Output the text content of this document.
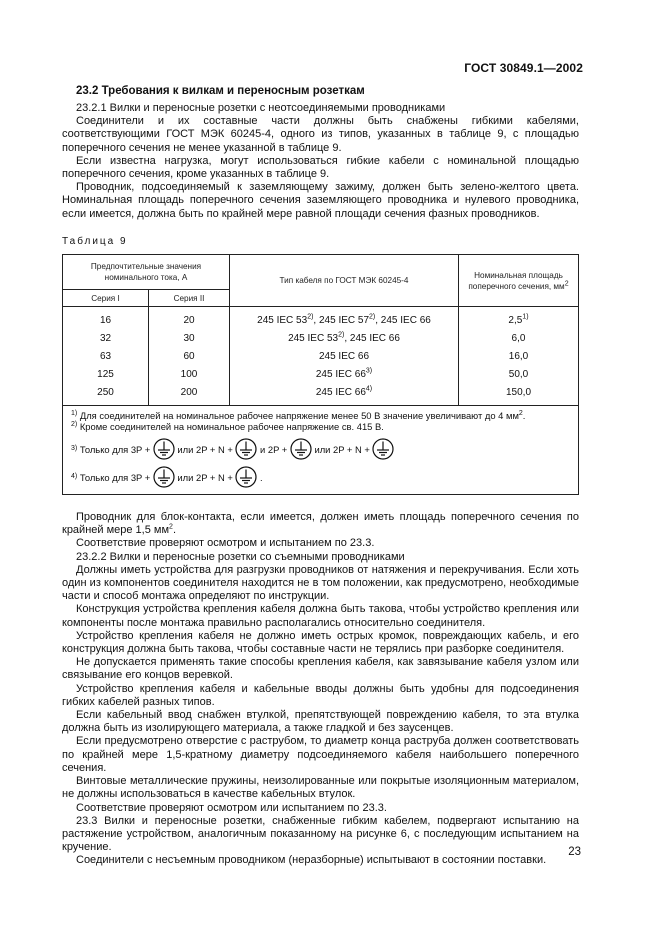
ГОСТ 30849.1—2002
23.2 Требования к вилкам и переносным розеткам

23.2.1 Вилки и переносные розетки с неотсоединяемыми проводниками

Соединители и их составные части должны быть снабжены гибкими кабелями, соответствующими ГОСТ МЭК 60245-4, одного из типов, указанных в таблице 9, с площадью поперечного сечения не менее указанной в таблице 9.

Если известна нагрузка, могут использоваться гибкие кабели с номинальной площадью поперечного сечения, кроме указанных в таблице 9.

Проводник, подсоединяемый к заземляющему зажиму, должен быть зелено-желтого цвета. Номинальная площадь поперечного сечения заземляющего проводника и нулевого проводника, если имеется, должна быть по крайней мере равной площади сечения фазных проводников.

Таблица 9
Предпочтительные значения номинального тока, А		Тип кабеля по ГОСТ МЭК 60245-4	Номинальная площадь поперечного сечения, $мм^2$
Серия I	Серия II		
16	20	245 IEC 53$^{2)}$, 245 IEC 57$^{2)}$, 245 IEC 66	2,5$^{1)}$
32	30	245 IEC 53$^{2)}$, 245 IEC 66	6,0
63	60	245 IEC 66	16,0
125	100	245 IEC 66$^{3)}$	50,0
250	200	245 IEC 66$^{4)}$	150,0
$^{1)}$ Для соединителей на номинальное рабочее напряжение менее 50 В значение увеличивают до 4 $мм^2$.
$^{2)}$ Кроме соединителей на номинальное рабочее напряжение св. 415 В.
3) Только для 3P + или 2P + N + и 2P + или 2P + N +
4) Только для 3P + или 2P + N + .

Проводник для блок-контакта, если имеется, должен иметь площадь поперечного сечения по крайней мере 1,5 $мм^2$.

Соответствие проверяют осмотром и испытанием по 23.3.

23.2.2 Вилки и переносные розетки со съемными проводниками

Должны иметь устройства для разгрузки проводников от натяжения и перекручивания. Если хоть один из компонентов соединителя находится не в том положении, как предусмотрено, необходимые части и способ монтажа определяют по инструкции.

Конструкция устройства крепления кабеля должна быть такова, чтобы устройство крепления или компоненты после монтажа правильно располагались относительно соединителя.

Устройство крепления кабеля не должно иметь острых кромок, повреждающих кабель, и его конструкция должна быть такова, чтобы составные части не терялись при разборке соединителя.

Не допускается применять такие способы крепления кабеля, как завязывание кабеля узлом или связывание его концов веревкой.

Устройство крепления кабеля и кабельные вводы должны быть удобны для подсоединения гибких кабелей разных типов.

Если кабельный ввод снабжен втулкой, препятствующей повреждению кабеля, то эта втулка должна быть из изолирующего материала, а также гладкой и без заусенцев.

Если предусмотрено отверстие с раструбом, то диаметр конца раструба должен соответствовать по крайней мере 1,5-кратному диаметру подсоединяемого кабеля наибольшего поперечного сечения.

Винтовые металлические пружины, неизолированные или покрытые изоляционным материалом, не должны использоваться в качестве кабельных втулок.

Соответствие проверяют осмотром или испытанием по 23.3.

23.3 Вилки и переносные розетки, снабженные гибким кабелем, подвергают испытанию на растяжение устройством, аналогичным показанному на рисунке 6, с последующим испытанием на кручение.

Соединители с несъемным проводником (неразборные) испытывают в состоянии поставки.

23
